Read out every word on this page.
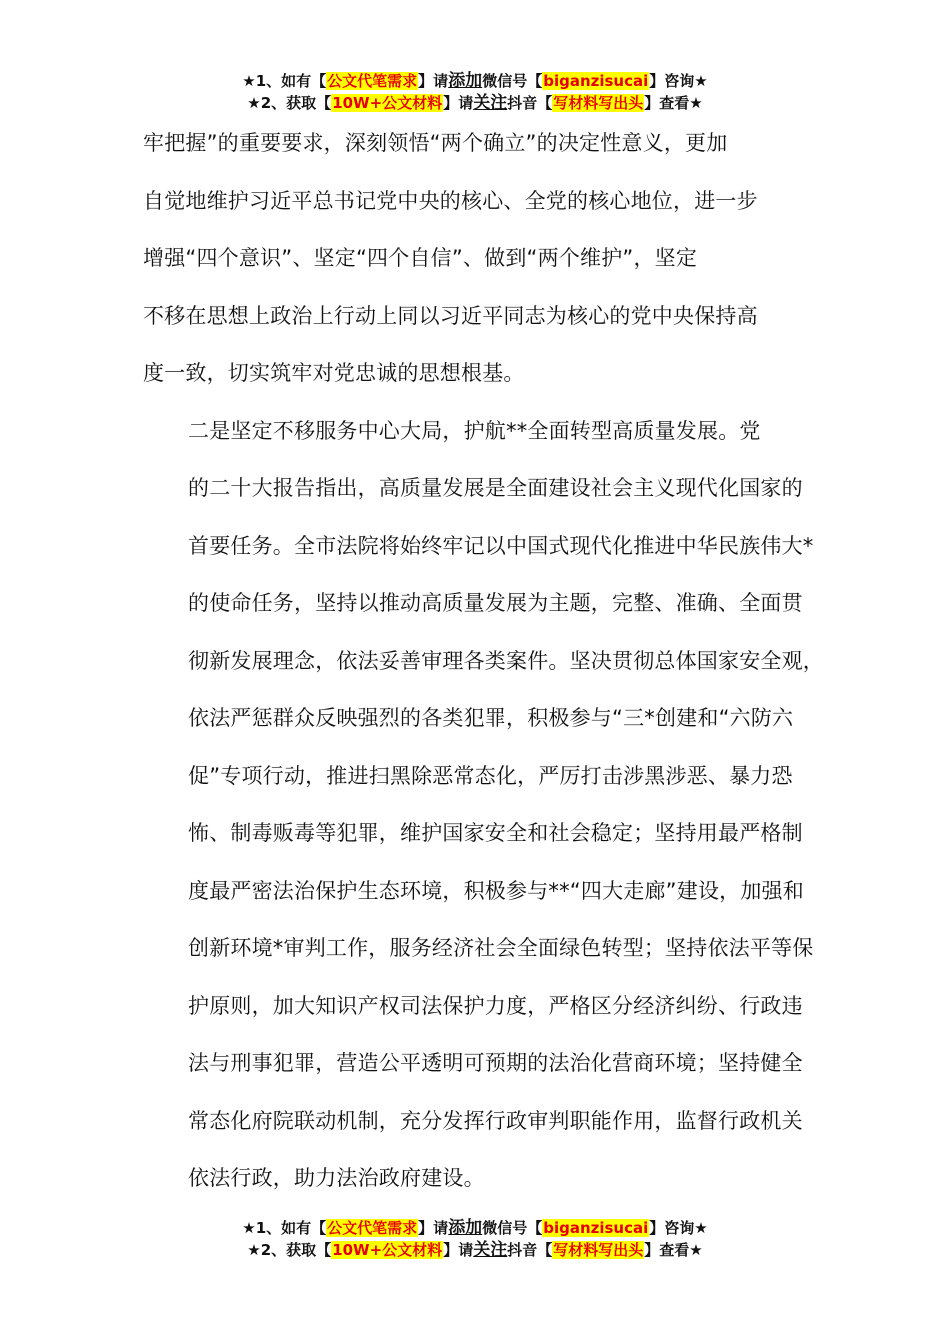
★1、如有【公文代笔需求】请添加微信号【biganzisucai】咨询★
★2、获取【10W+公文材料】请关注抖音【写材料写出头】查看★
牢把握”的重要要求，深刻领悟“两个确立”的决定性意义，更加
自觉地维护习近平总书记党中央的核心、全党的核心地位，进一步
增强“四个意识”、坚定“四个自信”、做到“两个维护”，坚定
不移在思想上政治上行动上同以习近平同志为核心的党中央保持高
度一致，切实筑牢对党忠诚的思想根基。
二是坚定不移服务中心大局，护航**全面转型高质量发展。党
的二十大报告指出，高质量发展是全面建设社会主义现代化国家的
首要任务。全市法院将始终牢记以中国式现代化推进中华民族伟大*
的使命任务，坚持以推动高质量发展为主题，完整、准确、全面贯
彻新发展理念，依法妥善审理各类案件。坚决贯彻总体国家安全观，
依法严惩群众反映强烈的各类犯罪，积极参与“三*创建和“六防六
促”专项行动，推进扫黑除恶常态化，严厉打击涉黑涉恶、暴力恐
怖、制毒贩毒等犯罪，维护国家安全和社会稳定；坚持用最严格制
度最严密法治保护生态环境，积极参与**“四大走廊”建设，加强和
创新环境*审判工作，服务经济社会全面绿色转型；坚持依法平等保
护原则，加大知识产权司法保护力度，严格区分经济纠纷、行政违
法与刑事犯罪，营造公平透明可预期的法治化营商环境；坚持健全
常态化府院联动机制，充分发挥行政审判职能作用，监督行政机关
依法行政，助力法治政府建设。
★1、如有【公文代笔需求】请添加微信号【biganzisucai】咨询★
★2、获取【10W+公文材料】请关注抖音【写材料写出头】查看★
